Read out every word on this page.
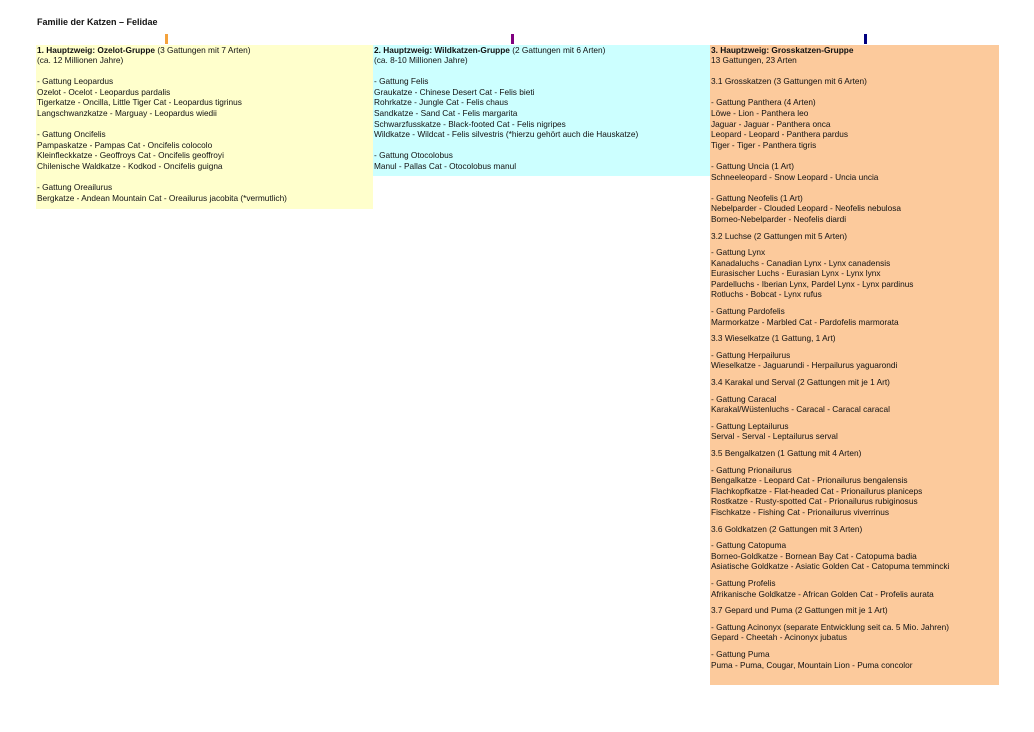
Familie der Katzen – Felidae
1. Hauptzweig: Ozelot-Gruppe (3 Gattungen mit 7 Arten)
(ca. 12 Millionen Jahre)
- Gattung Leopardus
Ozelot - Ocelot - Leopardus pardalis
Tigerkatze - Oncilla, Little Tiger Cat - Leopardus tigrinus
Langschwanzkatze - Marguay - Leopardus wiedii
- Gattung Oncifelis
Pampaskatze - Pampas Cat - Oncifelis colocolo
Kleinfleckkatze - Geoffroys Cat - Oncifelis geoffroyi
Chilenische Waldkatze - Kodkod - Oncifelis guigna
- Gattung Oreailurus
Bergkatze - Andean Mountain Cat - Oreailurus jacobita (*vermutlich)
2. Hauptzweig: Wildkatzen-Gruppe (2 Gattungen mit 6 Arten)
(ca. 8-10 Millionen Jahre)
- Gattung Felis
Graukatze - Chinese Desert Cat - Felis bieti
Rohrkatze - Jungle Cat - Felis chaus
Sandkatze - Sand Cat - Felis margarita
Schwarzfusskatze - Black-footed Cat - Felis nigripes
Wildkatze - Wildcat - Felis silvestris (*hierzu gehört auch die Hauskatze)
- Gattung Otocolobus
Manul - Pallas Cat - Otocolobus manul
3. Hauptzweig: Grosskatzen-Gruppe
13 Gattungen, 23 Arten
3.1 Grosskatzen (3 Gattungen mit 6 Arten)
- Gattung Panthera (4 Arten)
Löwe - Lion - Panthera leo
Jaguar - Jaguar - Panthera onca
Leopard - Leopard - Panthera pardus
Tiger - Tiger - Panthera tigris
- Gattung Uncia (1 Art)
Schneeleopard - Snow Leopard - Uncia uncia
- Gattung Neofelis (1 Art)
Nebelparder - Clouded Leopard - Neofelis nebulosa
Borneo-Nebelparder - Neofelis diardi
3.2 Luchse (2 Gattungen mit 5 Arten)
- Gattung Lynx
Kanadaluchs - Canadian Lynx - Lynx canadensis
Eurasischer Luchs - Eurasian Lynx - Lynx lynx
Pardelluchs - Iberian Lynx, Pardel Lynx - Lynx pardinus
Rotluchs - Bobcat - Lynx rufus
- Gattung Pardofelis
Marmorkatze - Marbled Cat - Pardofelis marmorata
3.3 Wieselkatze (1 Gattung, 1 Art)
- Gattung Herpailurus
Wieselkatze - Jaguarundi - Herpailurus yaguarondi
3.4 Karakal und Serval (2 Gattungen mit je 1 Art)
- Gattung Caracal
Karakal/Wüstenluchs - Caracal - Caracal caracal
- Gattung Leptailurus
Serval - Serval - Leptailurus serval
3.5 Bengalkatzen (1 Gattung mit 4 Arten)
- Gattung Prionailurus
Bengalkatze - Leopard Cat - Prionailurus bengalensis
Flachkopfkatze - Flat-headed Cat - Prionailurus planiceps
Rostkatze - Rusty-spotted Cat - Prionailurus rubiginosus
Fischkatze - Fishing Cat - Prionailurus viverrinus
3.6 Goldkatzen (2 Gattungen mit 3 Arten)
- Gattung Catopuma
Borneo-Goldkatze - Bornean Bay Cat - Catopuma badia
Asiatische Goldkatze - Asiatic Golden Cat - Catopuma temmincki
- Gattung Profelis
Afrikanische Goldkatze - African Golden Cat - Profelis aurata
3.7 Gepard und Puma (2 Gattungen mit je 1 Art)
- Gattung Acinonyx (separate Entwicklung seit ca. 5 Mio. Jahren)
Gepard - Cheetah - Acinonyx jubatus
- Gattung Puma
Puma - Puma, Cougar, Mountain Lion - Puma concolor
